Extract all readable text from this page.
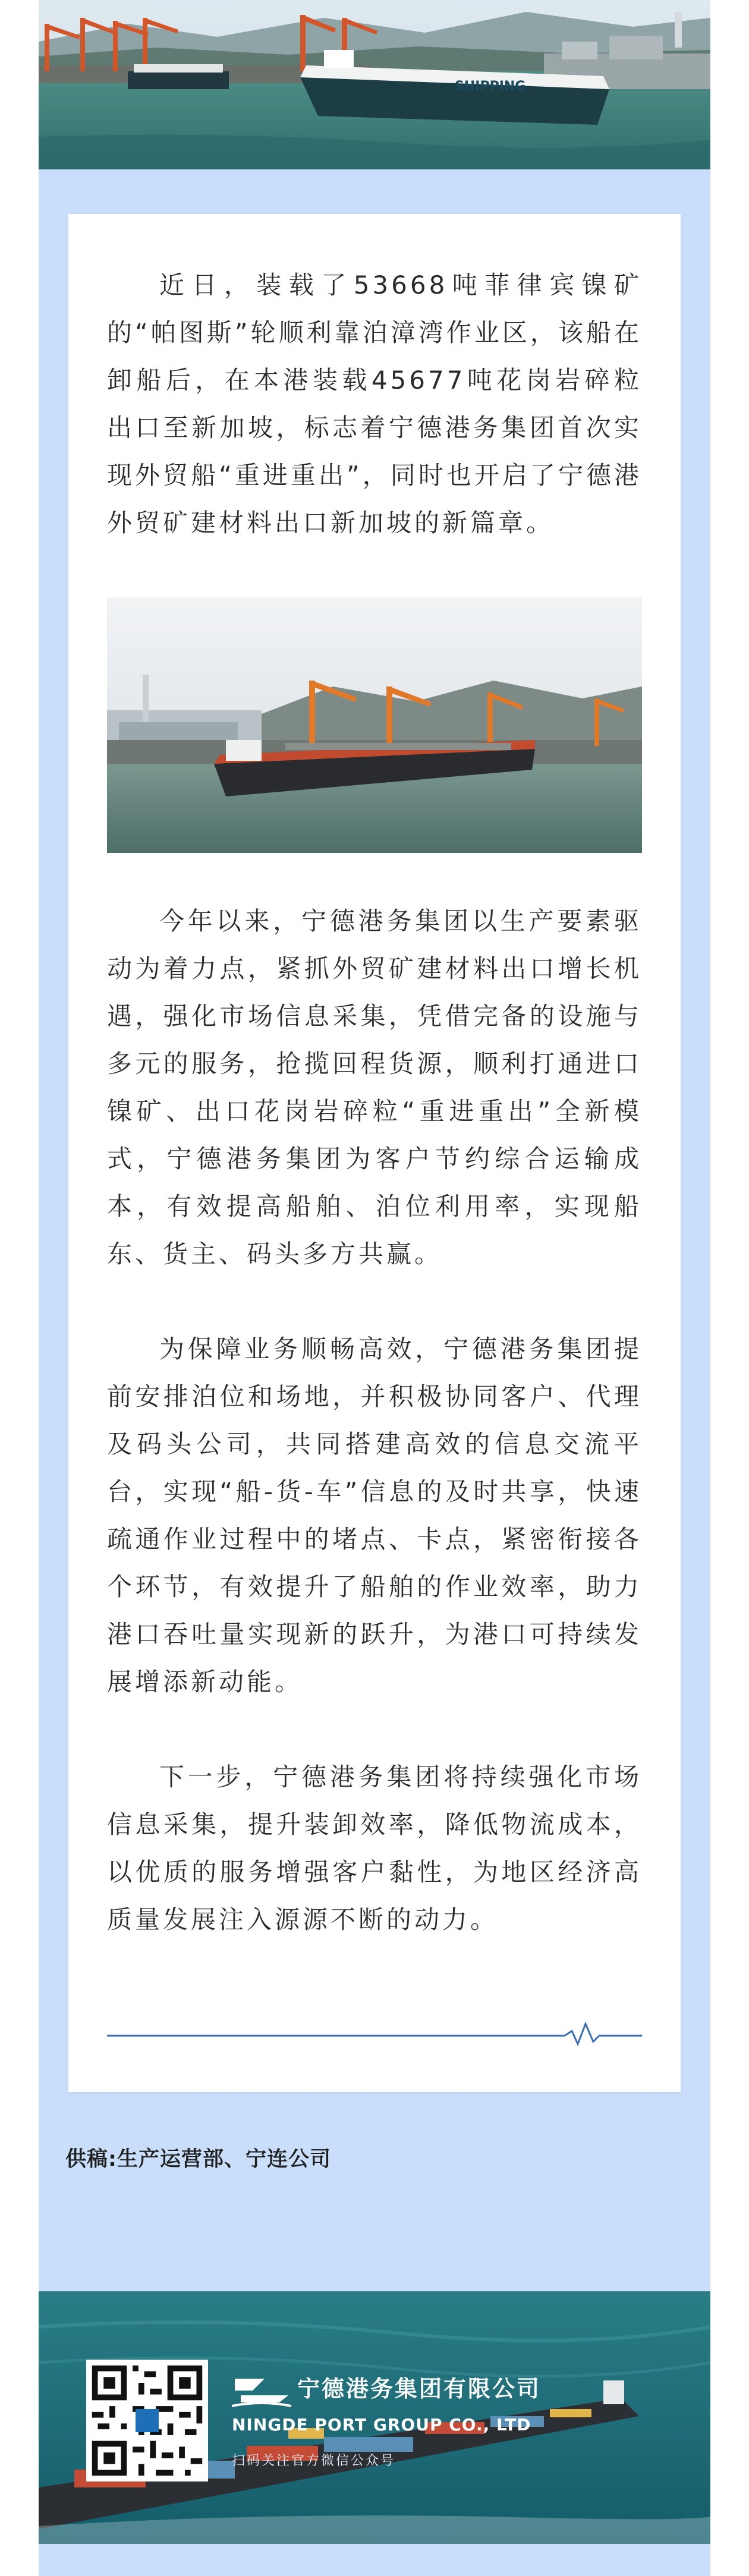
SHIPPING

近日，装载了53668吨菲律宾镍矿的“帕图斯”轮顺利靠泊漳湾作业区，该船在卸船后，在本港装载45677吨花岗岩碎粒出口至新加坡，标志着宁德港务集团首次实现外贸船“重进重出”，同时也开启了宁德港外贸矿建材料出口新加坡的新篇章。

今年以来，宁德港务集团以生产要素驱动为着力点，紧抓外贸矿建材料出口增长机遇，强化市场信息采集，凭借完备的设施与多元的服务，抢揽回程货源，顺利打通进口镍矿、出口花岗岩碎粒“重进重出”全新模式，宁德港务集团为客户节约综合运输成本，有效提高船舶、泊位利用率，实现船东、货主、码头多方共赢。

为保障业务顺畅高效，宁德港务集团提前安排泊位和场地，并积极协同客户、代理及码头公司，共同搭建高效的信息交流平台，实现“船-货-车”信息的及时共享，快速疏通作业过程中的堵点、卡点，紧密衔接各个环节，有效提升了船舶的作业效率，助力港口吞吐量实现新的跃升，为港口可持续发展增添新动能。

下一步，宁德港务集团将持续强化市场信息采集，提升装卸效率，降低物流成本，以优质的服务增强客户黏性，为地区经济高质量发展注入源源不断的动力。

供稿:生产运营部、宁连公司
宁德港务集团有限公司
NINGDE PORT GROUP CO., LTD
扫码关注官方微信公众号
